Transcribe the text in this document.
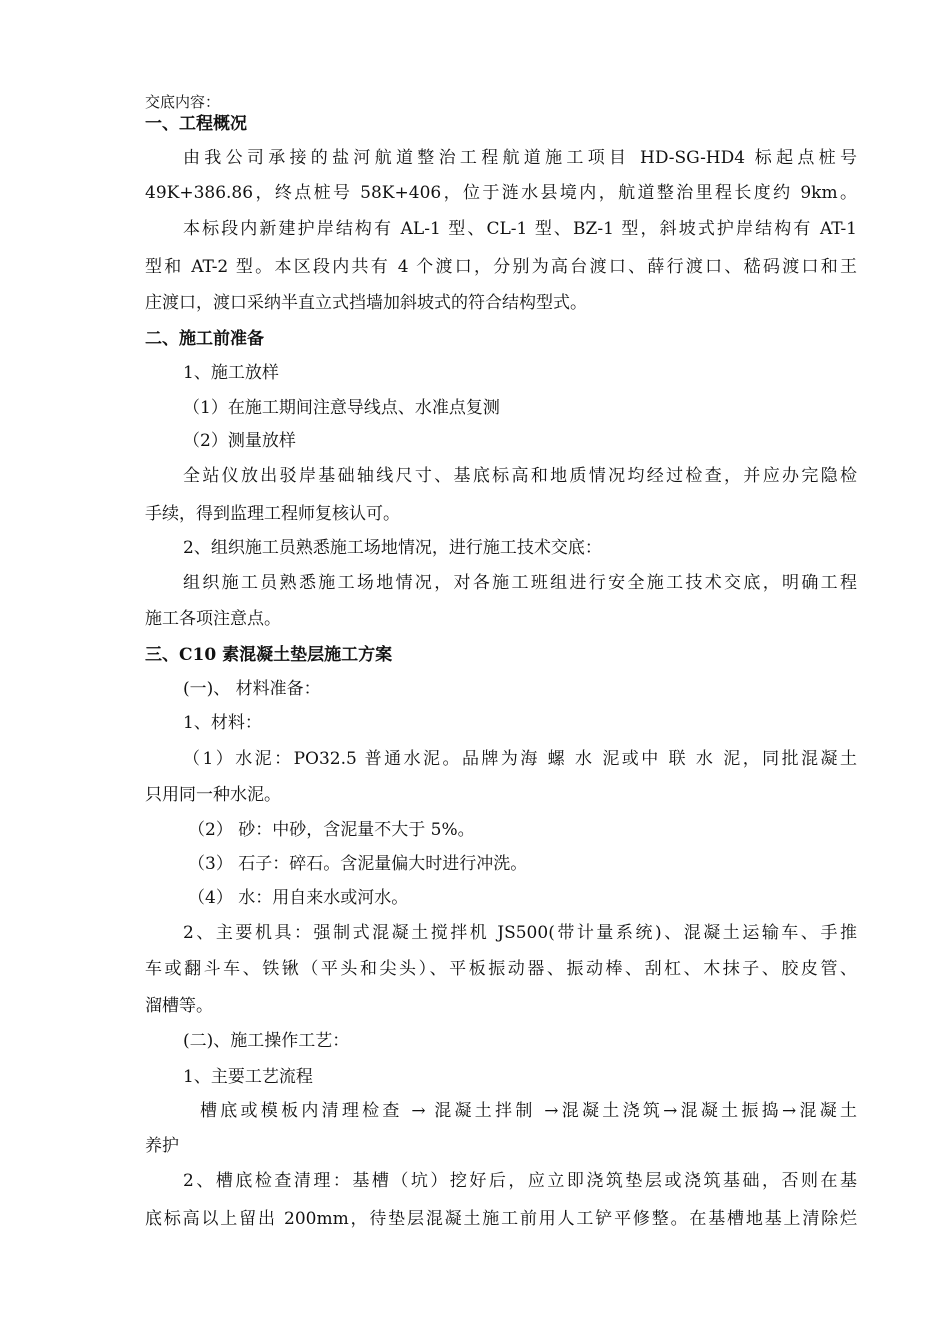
交底内容：
一、工程概况
由我公司承接的盐河航道整治工程航道施工项目 HD-SG-HD4 标起点桩号
49K+386.86，终点桩号 58K+406，位于涟水县境内，航道整治里程长度约 9km。
本标段内新建护岸结构有 AL-1 型、CL-1 型、BZ-1 型，斜坡式护岸结构有 AT-1
型和 AT-2 型。本区段内共有 4 个渡口，分别为高台渡口、薛行渡口、嵇码渡口和王
庄渡口，渡口采纳半直立式挡墙加斜坡式的符合结构型式。
二、施工前准备
1、施工放样
（1）在施工期间注意导线点、水准点复测
（2）测量放样
全站仪放出驳岸基础轴线尺寸、基底标高和地质情况均经过检查，并应办完隐检
手续，得到监理工程师复核认可。
2、组织施工员熟悉施工场地情况，进行施工技术交底：
组织施工员熟悉施工场地情况，对各施工班组进行安全施工技术交底，明确工程
施工各项注意点。
三、C10 素混凝土垫层施工方案
(一)、 材料准备：
1、材料：
（1）水泥：PO32.5 普通水泥。品牌为海 螺 水 泥或中 联 水 泥，同批混凝土
只用同一种水泥。
（2） 砂：中砂，含泥量不大于 5%。
（3） 石子：碎石。含泥量偏大时进行冲洗。
（4） 水：用自来水或河水。
2、主要机具：强制式混凝土搅拌机 JS500(带计量系统)、混凝土运输车、手推
车或翻斗车、铁锹（平头和尖头）、平板振动器、振动棒、刮杠、木抹子、胶皮管、
溜槽等。
(二)、施工操作工艺：
1、主要工艺流程
槽底或模板内清理检查 → 混凝土拌制 →混凝土浇筑→混凝土振捣→混凝土
养护
2、槽底检查清理：基槽（坑）挖好后，应立即浇筑垫层或浇筑基础，否则在基
底标高以上留出 200mm，待垫层混凝土施工前用人工铲平修整。在基槽地基上清除烂
